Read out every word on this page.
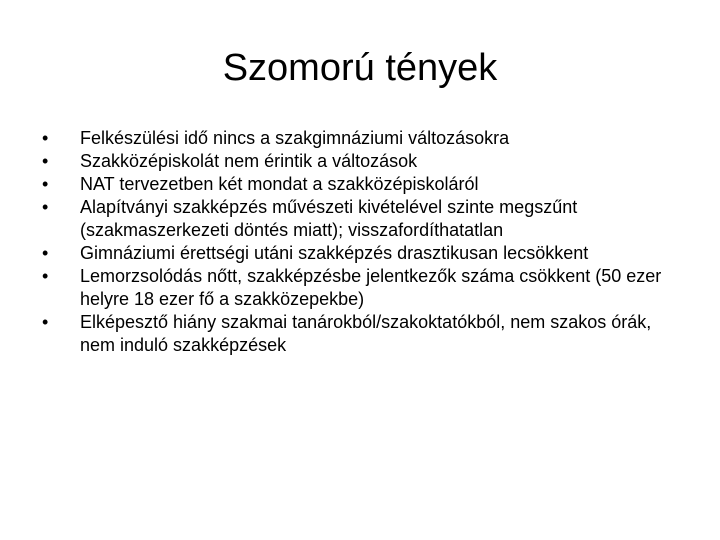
Szomorú tények
• Felkészülési idő nincs a szakgimnáziumi változásokra
• Szakközépiskolát nem érintik a változások
• NAT tervezetben két mondat a szakközépiskoláról
• Alapítványi szakképzés művészeti kivételével szinte megszűnt (szakmaszerkezeti döntés miatt); visszafordíthatatlan
• Gimnáziumi érettségi utáni szakképzés drasztikusan lecsökkent
• Lemorzsolódás nőtt, szakképzésbe jelentkezők száma csökkent (50 ezer helyre 18 ezer fő a szakközepekbe)
• Elképesztő hiány szakmai tanárokból/szakoktatókból, nem szakos órák, nem induló szakképzések
